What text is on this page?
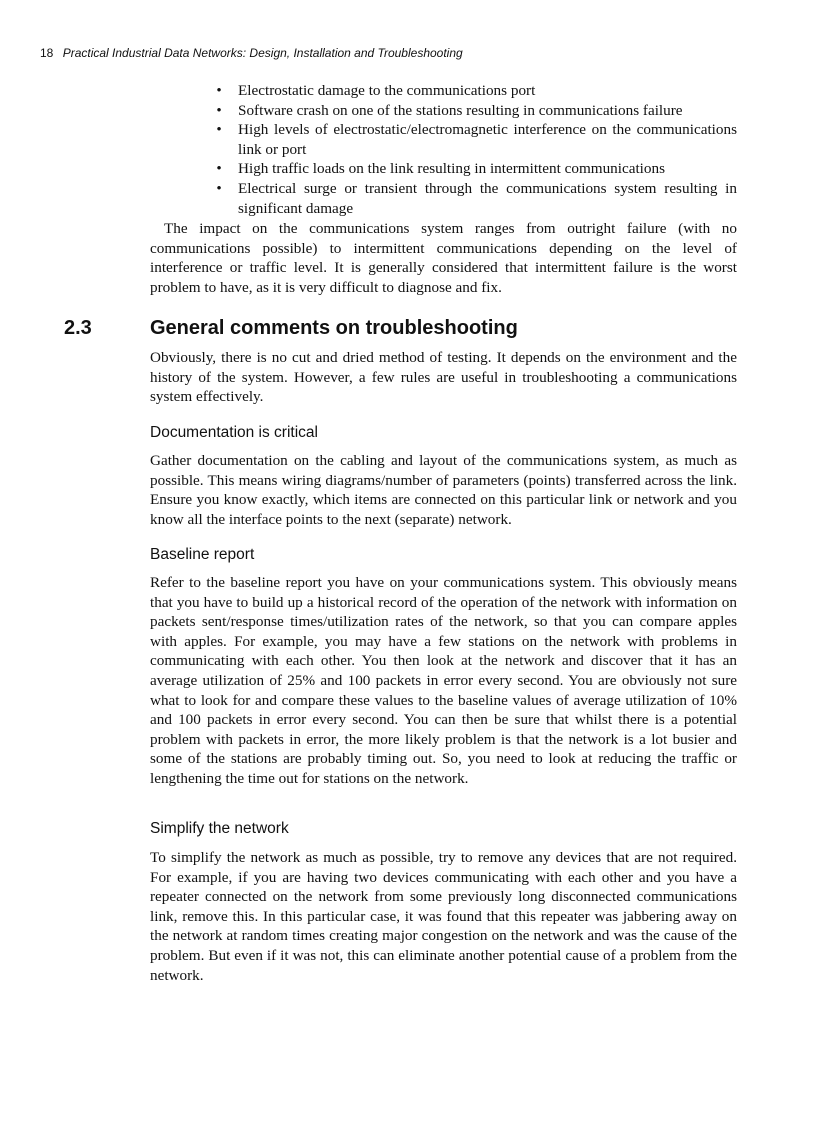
18 Practical Industrial Data Networks: Design, Installation and Troubleshooting
• Electrostatic damage to the communications port
• Software crash on one of the stations resulting in communications failure
• High levels of electrostatic/electromagnetic interference on the communications link or port
• High traffic loads on the link resulting in intermittent communications
• Electrical surge or transient through the communications system resulting in significant damage

The impact on the communications system ranges from outright failure (with no communications possible) to intermittent communications depending on the level of interference or traffic level. It is generally considered that intermittent failure is the worst problem to have, as it is very difficult to diagnose and fix.

2.3	General comments on troubleshooting

Obviously, there is no cut and dried method of testing. It depends on the environment and the history of the system. However, a few rules are useful in troubleshooting a communications system effectively.

Documentation is critical

Gather documentation on the cabling and layout of the communications system, as much as possible. This means wiring diagrams/number of parameters (points) transferred across the link. Ensure you know exactly, which items are connected on this particular link or network and you know all the interface points to the next (separate) network.

Baseline report

Refer to the baseline report you have on your communications system. This obviously means that you have to build up a historical record of the operation of the network with information on packets sent/response times/utilization rates of the network, so that you can compare apples with apples. For example, you may have a few stations on the network with problems in communicating with each other. You then look at the network and discover that it has an average utilization of 25% and 100 packets in error every second. You are obviously not sure what to look for and compare these values to the baseline values of average utilization of 10% and 100 packets in error every second. You can then be sure that whilst there is a potential problem with packets in error, the more likely problem is that the network is a lot busier and some of the stations are probably timing out. So, you need to look at reducing the traffic or lengthening the time out for stations on the network.

Simplify the network

To simplify the network as much as possible, try to remove any devices that are not required. For example, if you are having two devices communicating with each other and you have a repeater connected on the network from some previously long disconnected communications link, remove this. In this particular case, it was found that this repeater was jabbering away on the network at random times creating major congestion on the network and was the cause of the problem. But even if it was not, this can eliminate another potential cause of a problem from the network.
